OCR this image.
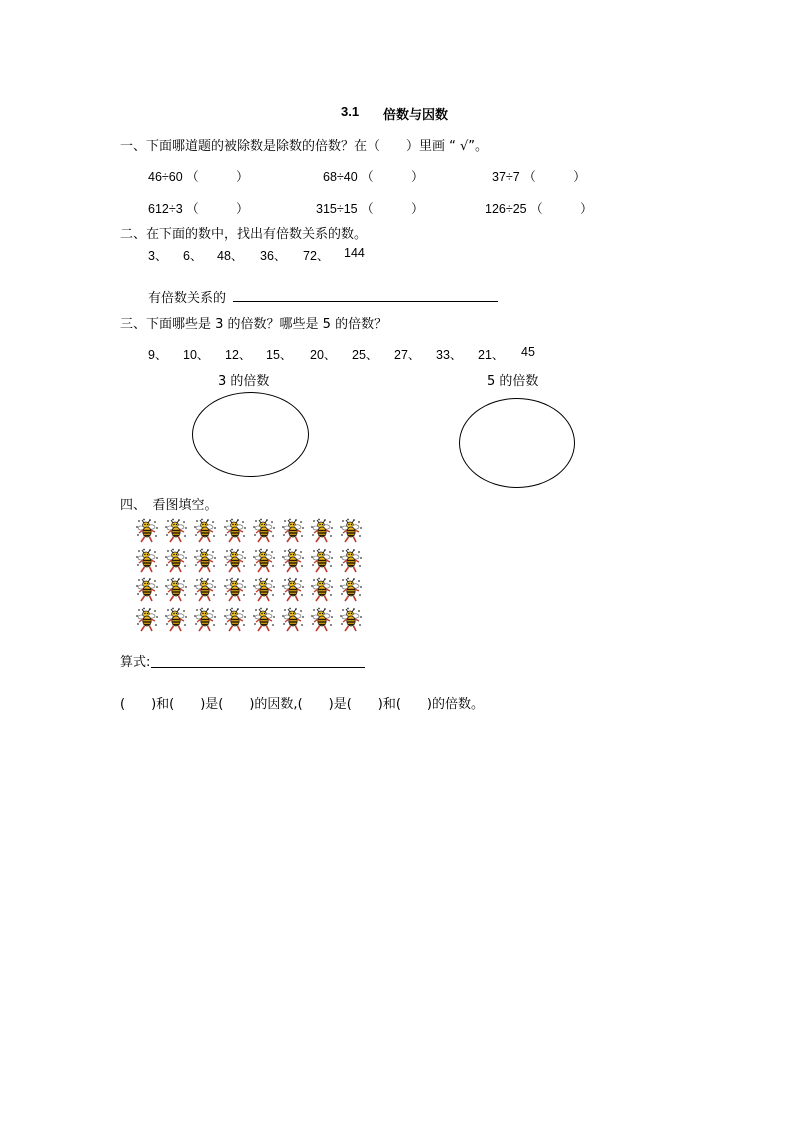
3.1 倍数与因数
一、下面哪道题的被除数是除数的倍数？在（　　）里画 “ √”。
46÷60 （　　　）	68÷40 （　　　）	37÷7 （　　　）
612÷3 （　　　）	315÷15 （　　　）	126÷25 （　　　）
二、在下面的数中，找出有倍数关系的数。
3、 6、 48、 36、 72、 144
有倍数关系的
三、下面哪些是 3 的倍数？哪些是 5 的倍数？
9、 10、 12、 15、 20、 25、 27、 33、 21、 45
3 的倍数	5 的倍数
四、　看图填空。
算式:
(　　)和(　　)是(　　)的因数,(　　)是(　　)和(　　)的倍数。
